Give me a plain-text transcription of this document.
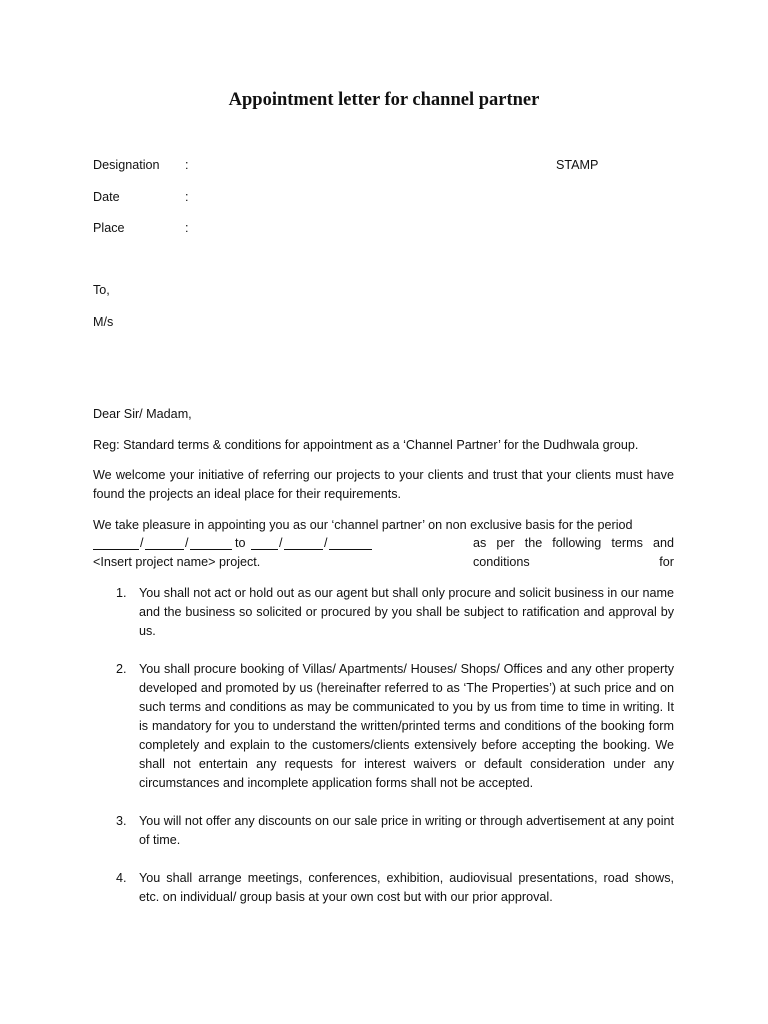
Appointment letter for channel partner
Designation :
Date	:
Place	:
STAMP
To,
M/s
Dear Sir/ Madam,
Reg: Standard terms & conditions for appointment as a ‘Channel Partner’ for the Dudhwala group.
We welcome your initiative of referring our projects to your clients and trust that your clients must have found the projects an ideal place for their requirements.
We take pleasure in appointing you as our ‘channel partner’ on non exclusive basis for the period
/	/	to	/	/	as per the following terms and conditions for
<Insert project name> project.
1. You shall not act or hold out as our agent but shall only procure and solicit business in our name and the business so solicited or procured by you shall be subject to ratification and approval by us.
2. You shall procure booking of Villas/ Apartments/ Houses/ Shops/ Offices and any other property developed and promoted by us (hereinafter referred to as ‘The Properties’) at such price and on such terms and conditions as may be communicated to you by us from time to time in writing. It is mandatory for you to understand the written/printed terms and conditions of the booking form completely and explain to the customers/clients extensively before accepting the booking. We shall not entertain any requests for interest waivers or default consideration under any circumstances and incomplete application forms shall not be accepted.
3. You will not offer any discounts on our sale price in writing or through advertisement at any point of time.
4. You shall arrange meetings, conferences, exhibition, audiovisual presentations, road shows, etc. on individual/ group basis at your own cost but with our prior approval.
